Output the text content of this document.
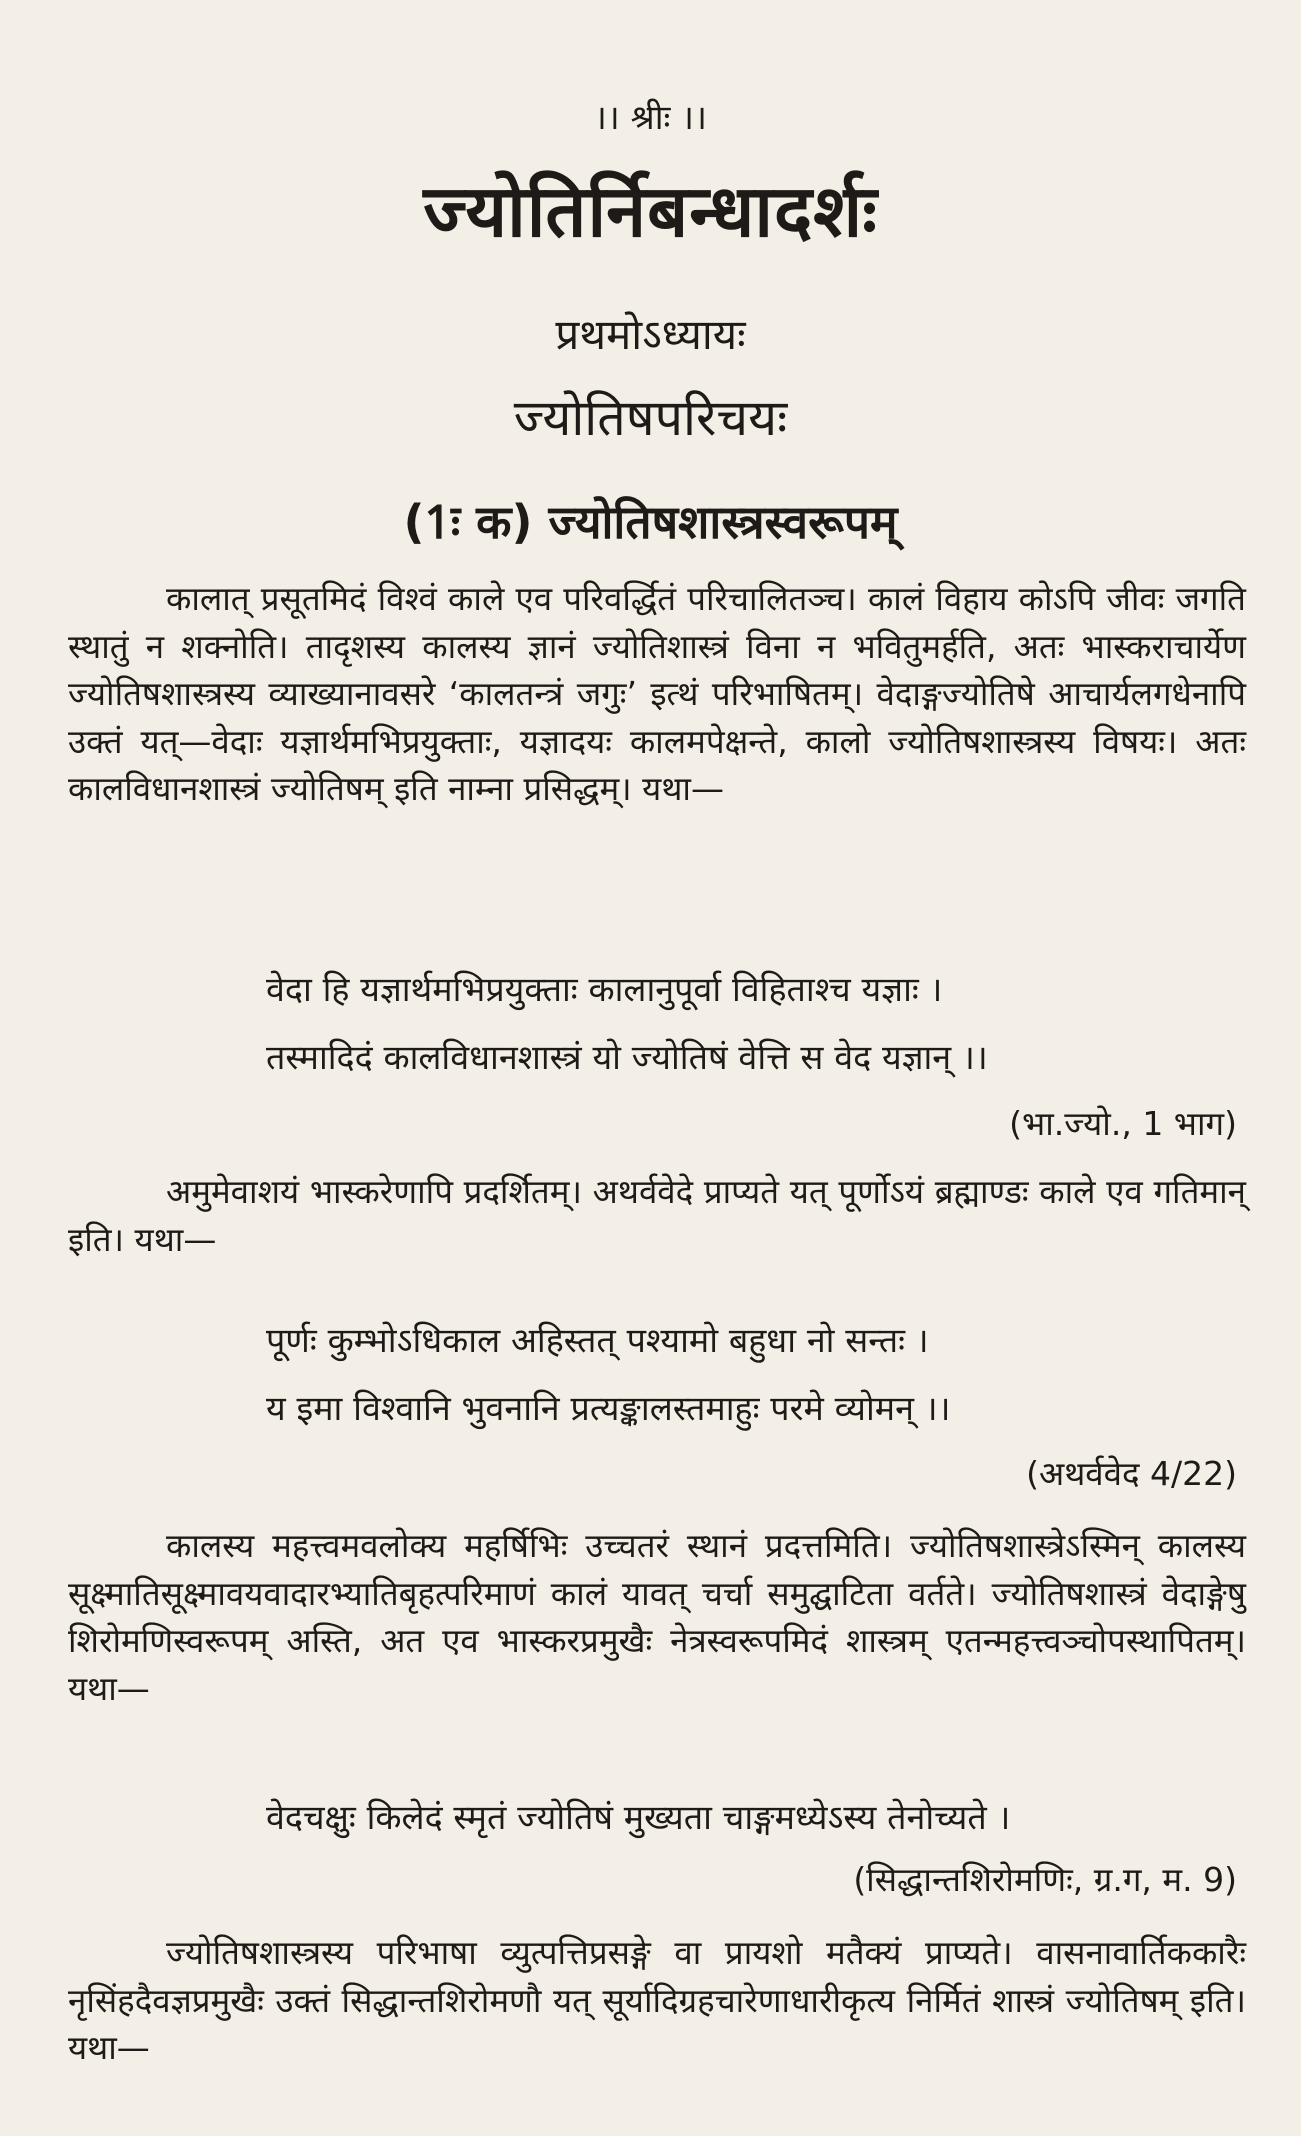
।। श्रीः ।।
ज्योतिर्निबन्धादर्शः
प्रथमोऽध्यायः
ज्योतिषपरिचयः
(1ः क) ज्योतिषशास्त्रस्वरूपम्

कालात् प्रसूतमिदं विश्वं काले एव परिवर्द्धितं परिचालितञ्च। कालं विहाय कोऽपि जीवः जगति स्थातुं न शक्नोति। तादृशस्य कालस्य ज्ञानं ज्योतिशास्त्रं विना न भवितुमर्हति, अतः भास्कराचार्येण ज्योतिषशास्त्रस्य व्याख्यानावसरे ‘कालतन्त्रं जगुः’ इत्थं परिभाषितम्। वेदाङ्गज्योतिषे आचार्यलगधेनापि उक्तं यत्—वेदाः यज्ञार्थमभिप्रयुक्ताः, यज्ञादयः कालमपेक्षन्ते, कालो ज्योतिषशास्त्रस्य विषयः। अतः कालविधानशास्त्रं ज्योतिषम् इति नाम्ना प्रसिद्धम्। यथा—

वेदा हि यज्ञार्थमभिप्रयुक्ताः कालानुपूर्वा विहिताश्च यज्ञाः ।
तस्मादिदं कालविधानशास्त्रं यो ज्योतिषं वेत्ति स वेद यज्ञान् ।।
(भा.ज्यो., 1 भाग)

अमुमेवाशयं भास्करेणापि प्रदर्शितम्। अथर्ववेदे प्राप्यते यत् पूर्णोऽयं ब्रह्माण्डः काले एव गतिमान् इति। यथा—

पूर्णः कुम्भोऽधिकाल अहिस्तत् पश्यामो बहुधा नो सन्तः ।
य इमा विश्वानि भुवनानि प्रत्यङ्कालस्तमाहुः परमे व्योमन् ।।
(अथर्ववेद 4/22)

कालस्य महत्त्वमवलोक्य महर्षिभिः उच्चतरं स्थानं प्रदत्तमिति। ज्योतिषशास्त्रेऽस्मिन् कालस्य सूक्ष्मातिसूक्ष्मावयवादारभ्यातिबृहत्परिमाणं कालं यावत् चर्चा समुद्घाटिता वर्तते। ज्योतिषशास्त्रं वेदाङ्गेषु शिरोमणिस्वरूपम् अस्ति, अत एव भास्करप्रमुखैः नेत्रस्वरूपमिदं शास्त्रम् एतन्महत्त्वञ्चोपस्थापितम्। यथा—

वेदचक्षुः किलेदं स्मृतं ज्योतिषं मुख्यता चाङ्गमध्येऽस्य तेनोच्यते ।
(सिद्धान्तशिरोमणिः, ग्र.ग, म. 9)

ज्योतिषशास्त्रस्य परिभाषा व्युत्पत्तिप्रसङ्गे वा प्रायशो मतैक्यं प्राप्यते। वासनावार्तिककारैः नृसिंहदैवज्ञप्रमुखैः उक्तं सिद्धान्तशिरोमणौ यत् सूर्यादिग्रहचारेणाधारीकृत्य निर्मितं शास्त्रं ज्योतिषम् इति। यथा—
